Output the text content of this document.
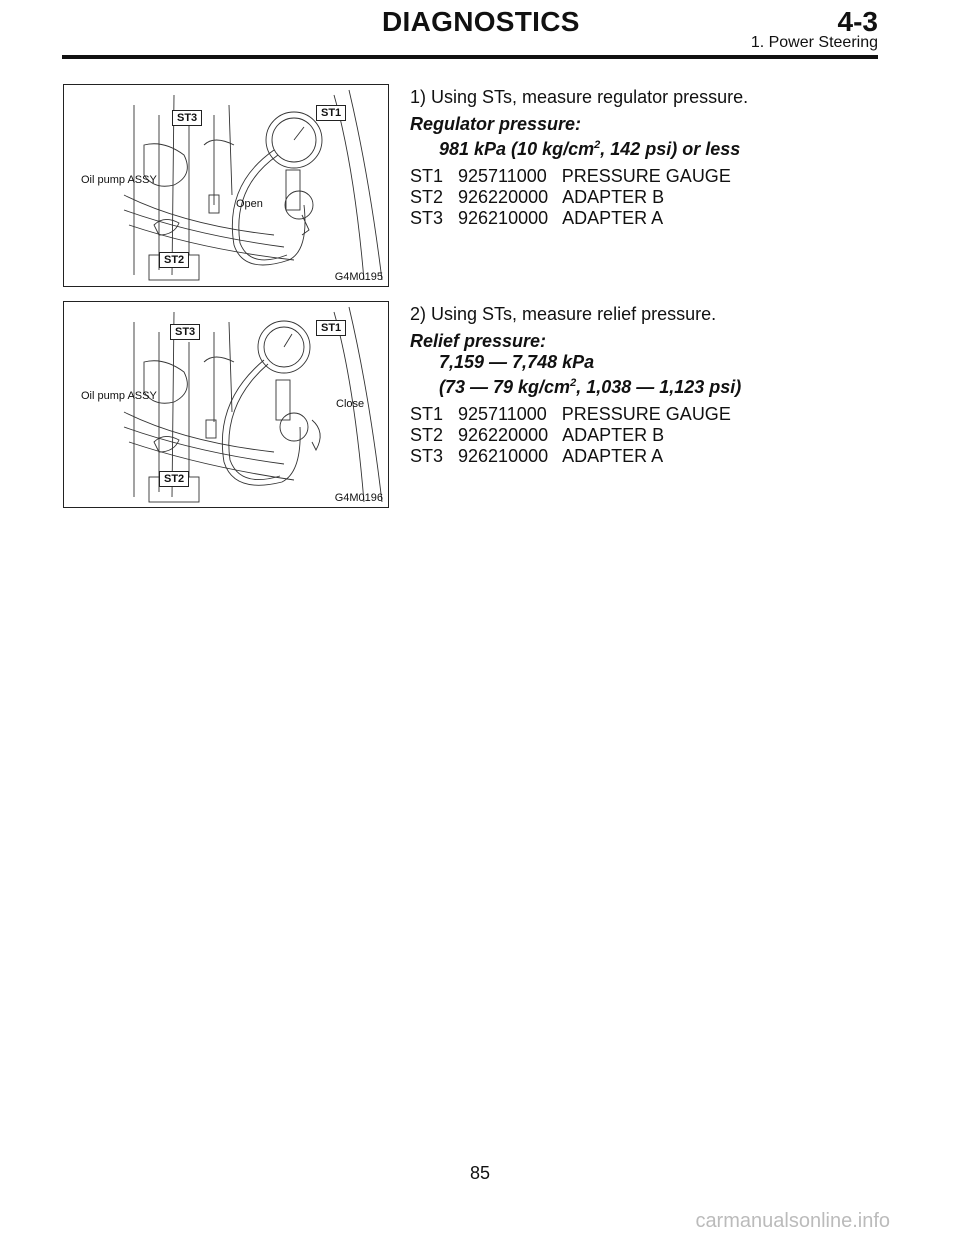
DIAGNOSTICS	4-3
1. Power Steering
ST3	ST1
ST2
Oil pump ASSY
Open
G4M0195
1) Using STs, measure regulator pressure.
Regulator pressure:
981 kPa (10 $kg/cm^2$, 142 psi) or less
ST1   925711000   PRESSURE GAUGE
ST2   926220000   ADAPTER B
ST3   926210000   ADAPTER A
ST3	ST1
ST2
Oil pump ASSY
Close
G4M0196
2) Using STs, measure relief pressure.
Relief pressure:
7,159 — 7,748 kPa
(73 — 79 $kg/cm^2$, 1,038 — 1,123 psi)
ST1   925711000   PRESSURE GAUGE
ST2   926220000   ADAPTER B
ST3   926210000   ADAPTER A
85
carmanualsonline.info
